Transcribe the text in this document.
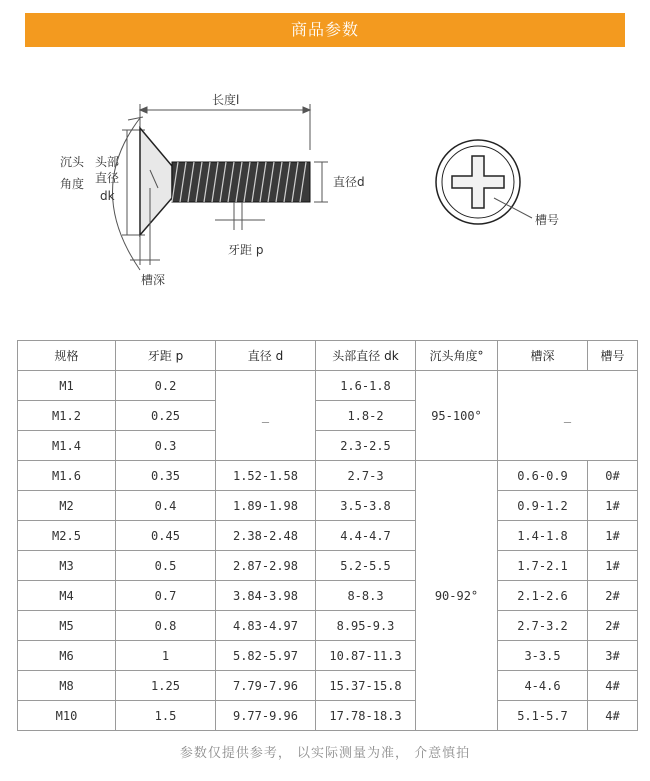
商品参数
长度l
沉头
角度
头部
直径
dk
直径d
牙距 p
槽深
槽号
规格	牙距 p	直径 d	头部直径 dk	沉头角度°	槽深	槽号
M1	0.2	_	1.6-1.8	95-100°	_	
M1.2	0.25		1.8-2			
M1.4	0.3		2.3-2.5			
M1.6	0.35	1.52-1.58	2.7-3	90-92°	0.6-0.9	0#
M2	0.4	1.89-1.98	3.5-3.8		0.9-1.2	1#
M2.5	0.45	2.38-2.48	4.4-4.7		1.4-1.8	1#
M3	0.5	2.87-2.98	5.2-5.5		1.7-2.1	1#
M4	0.7	3.84-3.98	8-8.3		2.1-2.6	2#
M5	0.8	4.83-4.97	8.95-9.3		2.7-3.2	2#
M6	1	5.82-5.97	10.87-11.3		3-3.5	3#
M8	1.25	7.79-7.96	15.37-15.8		4-4.6	4#
M10	1.5	9.77-9.96	17.78-18.3		5.1-5.7	4#
参数仅提供参考， 以实际测量为准， 介意慎拍
